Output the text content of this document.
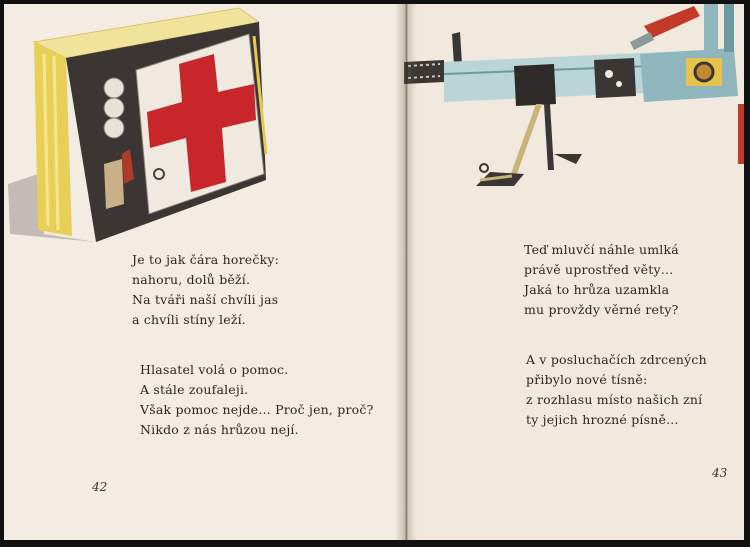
Je to jak čára horečky:
nahoru, dolů běží.
Na tváři naší chvíli jas
a chvíli stíny leží.
Hlasatel volá o pomoc.
A stále zoufaleji.
Však pomoc nejde… Proč jen, proč?
Nikdo z nás hrůzou nejí.
42
Teď mluvčí náhle umlká
právě uprostřed věty…
Jaká to hrůza uzamkla
mu provždy věrné rety?
A v posluchačích zdrcených
přibylo nové tísně:
z rozhlasu místo našich zní
ty jejich hrozné písně…
43
